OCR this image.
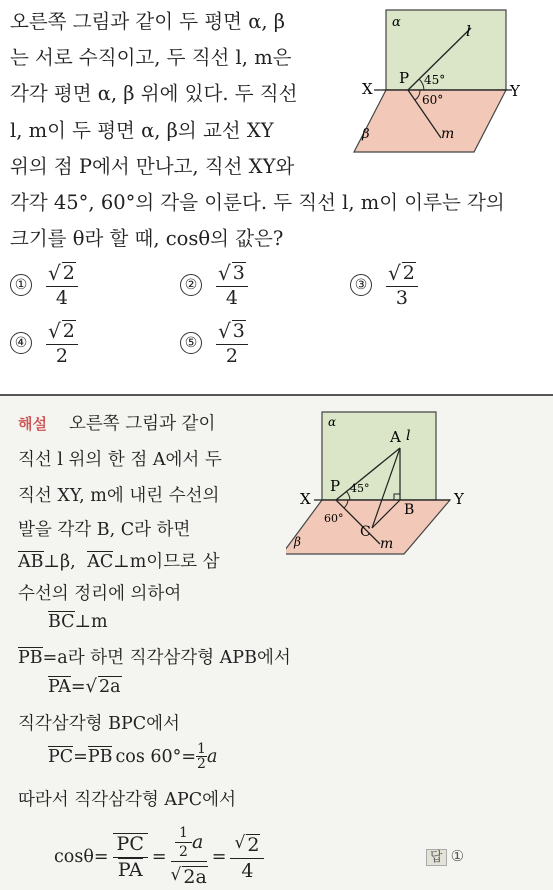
오른쪽 그림과 같이 두 평면 α, β
는 서로 수직이고, 두 직선 l, m은
각각 평면 α, β 위에 있다. 두 직선
l, m이 두 평면 α, β의 교선 XY
위의 점 P에서 만나고, 직선 XY와
각각 45°, 60°의 각을 이룬다. 두 직선 l, m이 이루는 각의
크기를 θ라 할 때, cosθ의 값은?
α
β
l
m
X
P
Y
45°
60°
① $\frac{√ 2}{4}$	② $\frac{√ 3}{4}$	③ $\frac{√ 2}{3}$
④ $\frac{√ 2}{2}$	⑤ $\frac{√ 3}{2}$
해설 오른쪽 그림과 같이
직선 l 위의 한 점 A에서 두
직선 XY, m에 내린 수선의
발을 각각 B, C라 하면
AB⊥β, AC⊥m이므로 삼
수선의 정리에 의하여
BC⊥m
PB=a라 하면 직각삼각형 APB에서
PA= √ 2a
직각삼각형 BPC에서
PC = PB $\cos 60^\circ= \frac{1}{2}$ a
따라서 직각삼각형 APC에서
$\cos\theta= \frac{PC}{PA} = \frac{\frac{1}{2} a}{√ 2a} = \frac{√ 2}{4}$
α
β
A l
X
P
B
Y
C
m
45°
60°
답 ①
